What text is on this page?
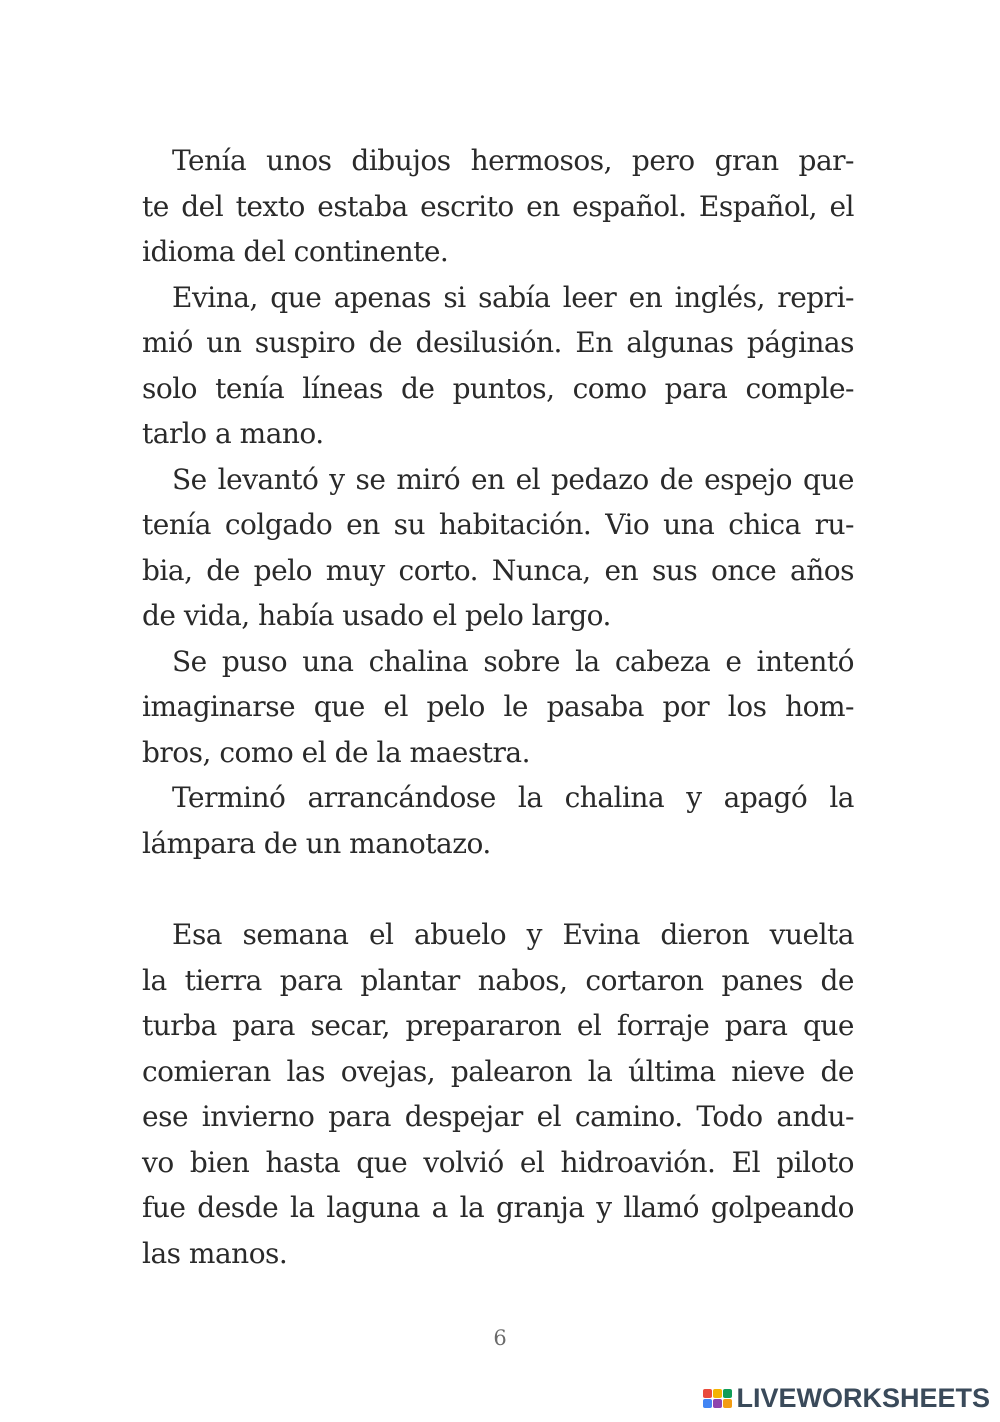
Tenía unos dibujos hermosos, pero gran par-
te del texto estaba escrito en español. Español, el
idioma del continente.
Evina, que apenas si sabía leer en inglés, repri-
mió un suspiro de desilusión. En algunas páginas
solo tenía líneas de puntos, como para comple-
tarlo a mano.
Se levantó y se miró en el pedazo de espejo que
tenía colgado en su habitación. Vio una chica ru-
bia, de pelo muy corto. Nunca, en sus once años
de vida, había usado el pelo largo.
Se puso una chalina sobre la cabeza e intentó
imaginarse que el pelo le pasaba por los hom-
bros, como el de la maestra.
Terminó arrancándose la chalina y apagó la
lámpara de un manotazo.
Esa semana el abuelo y Evina dieron vuelta
la tierra para plantar nabos, cortaron panes de
turba para secar, prepararon el forraje para que
comieran las ovejas, palearon la última nieve de
ese invierno para despejar el camino. Todo andu-
vo bien hasta que volvió el hidroavión. El piloto
fue desde la laguna a la granja y llamó golpeando
las manos.
6
LIVEWORKSHEETS
